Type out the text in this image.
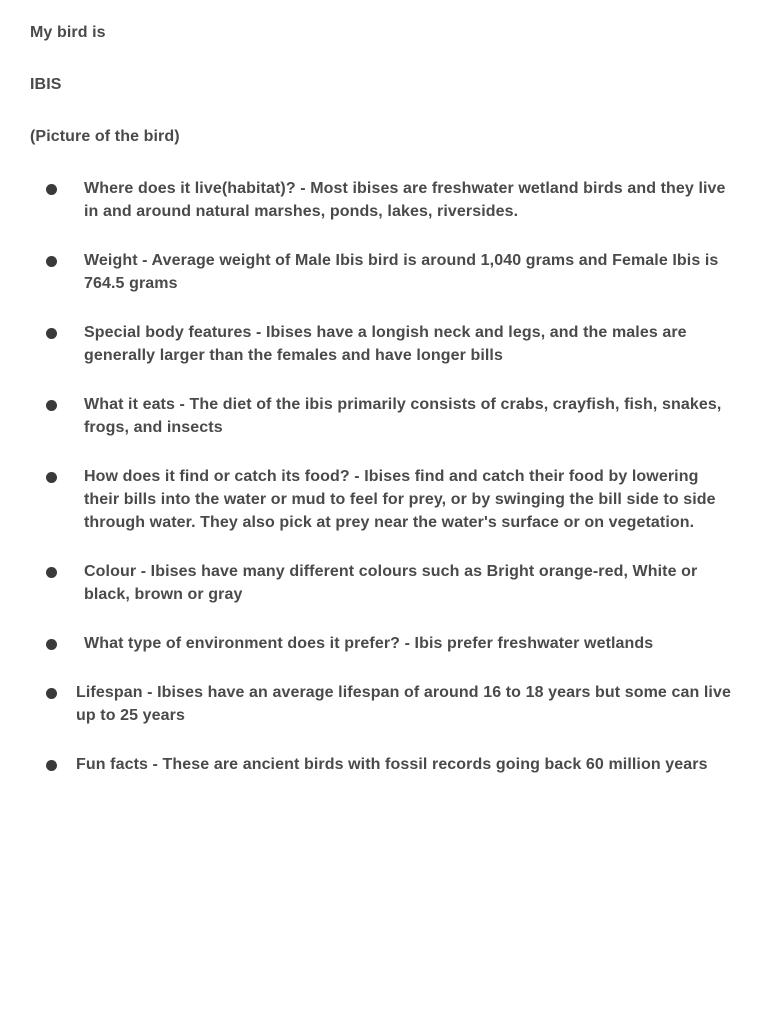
My bird is

IBIS

(Picture of the bird)

Where does it live(habitat)? - Most ibises are freshwater wetland birds and they live in and around natural marshes, ponds, lakes, riversides.
Weight - Average weight of Male Ibis bird is around 1,040 grams and Female Ibis is 764.5 grams
Special body features - Ibises have a longish neck and legs, and the males are generally larger than the females and have longer bills
What it eats - The diet of the ibis primarily consists of crabs, crayfish, fish, snakes, frogs, and insects
How does it find or catch its food? - Ibises find and catch their food by lowering their bills into the water or mud to feel for prey, or by swinging the bill side to side through water. They also pick at prey near the water's surface or on vegetation.
Colour - Ibises have many different colours such as Bright orange-red, White or black, brown or gray
What type of environment does it prefer? - Ibis prefer freshwater wetlands
Lifespan - Ibises have an average lifespan of around 16 to 18 years but some can live up to 25 years
Fun facts - These are ancient birds with fossil records going back 60 million years
